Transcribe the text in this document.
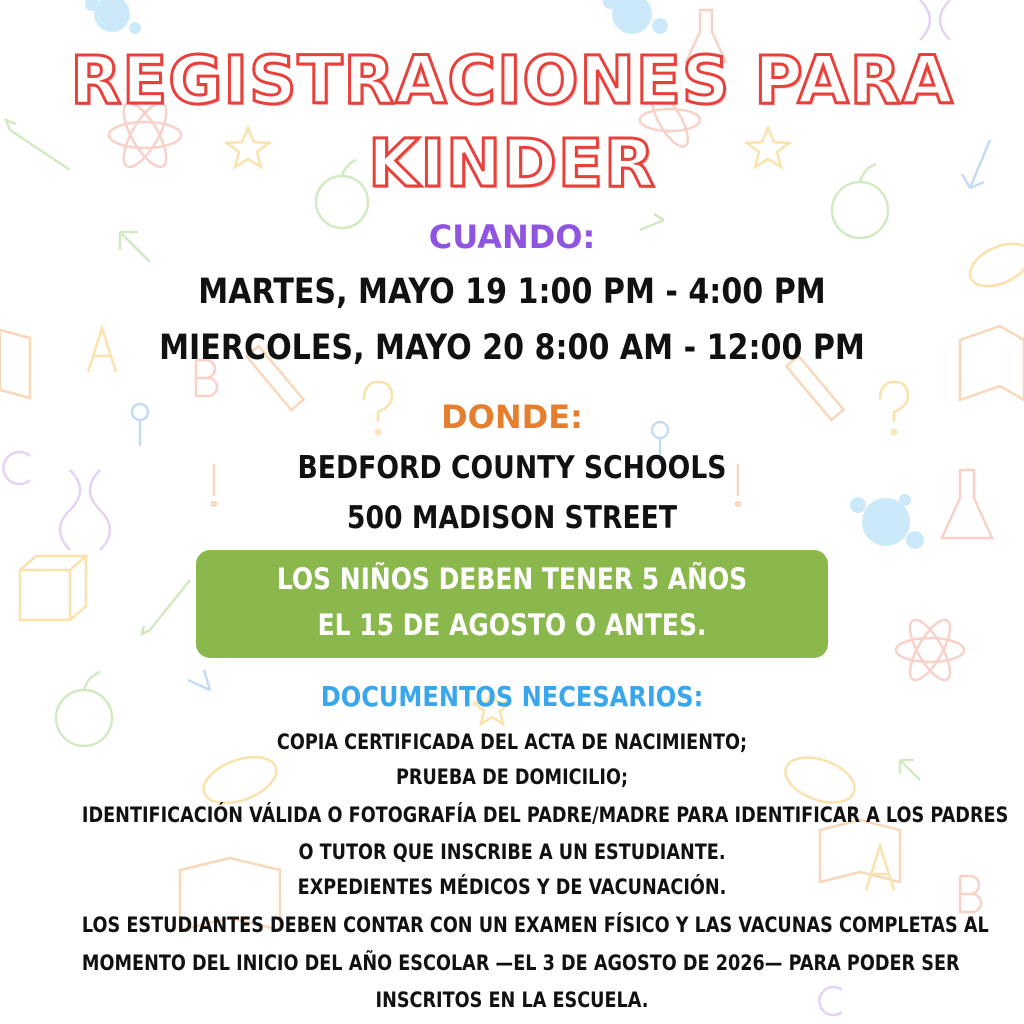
REGISTRACIONES PARA
KINDER
CUANDO:
MARTES, MAYO 19 1:00 PM - 4:00 PM
MIERCOLES, MAYO 20 8:00 AM - 12:00 PM
DONDE:
BEDFORD COUNTY SCHOOLS
500 MADISON STREET
LOS NIÑOS DEBEN TENER 5 AÑOS
EL 15 DE AGOSTO O ANTES.
DOCUMENTOS NECESARIOS:
COPIA CERTIFICADA DEL ACTA DE NACIMIENTO;
PRUEBA DE DOMICILIO;
IDENTIFICACIÓN VÁLIDA O FOTOGRAFÍA DEL PADRE/MADRE PARA IDENTIFICAR A LOS PADRES
O TUTOR QUE INSCRIBE A UN ESTUDIANTE.
EXPEDIENTES MÉDICOS Y DE VACUNACIÓN.
LOS ESTUDIANTES DEBEN CONTAR CON UN EXAMEN FÍSICO Y LAS VACUNAS COMPLETAS AL
MOMENTO DEL INICIO DEL AÑO ESCOLAR —EL 3 DE AGOSTO DE 2026— PARA PODER SER
INSCRITOS EN LA ESCUELA.
